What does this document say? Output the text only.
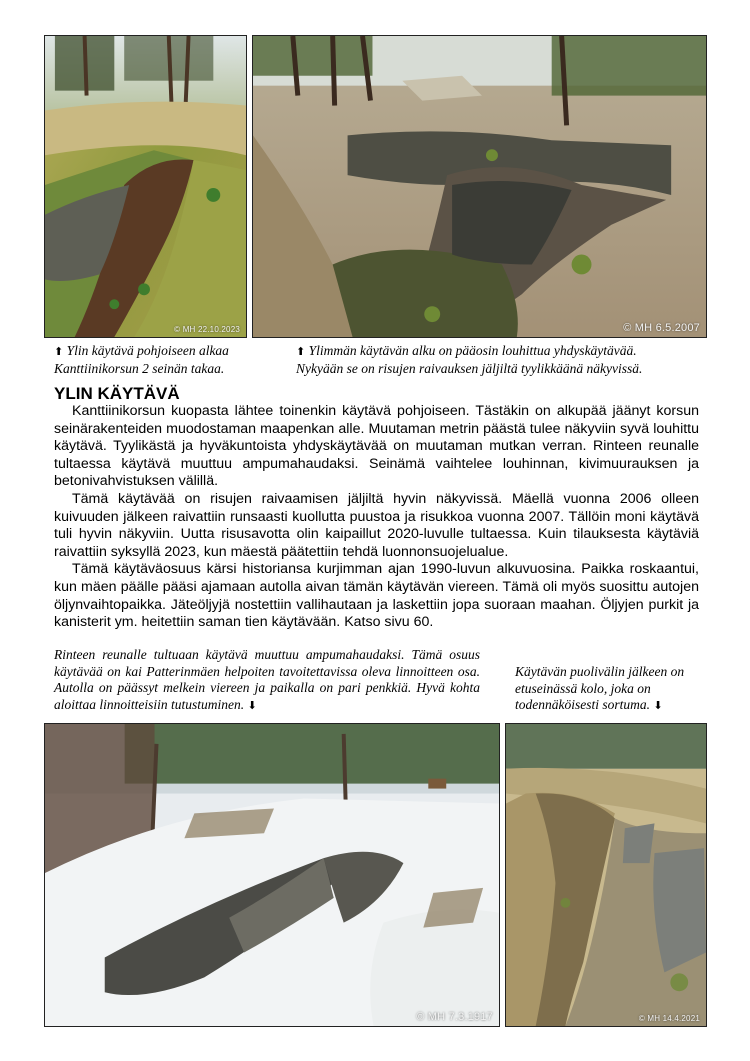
© MH 22.10.2023	© MH 6.5.2007
⬆ Ylin käytävä pohjoiseen alkaa
Kanttiinikorsun 2 seinän takaa.
⬆ Ylimmän käytävän alku on pääosin louhittua yhdyskäytävää.
Nykyään se on risujen raivauksen jäljiltä tyylikkäänä näkyvissä.
YLIN KÄYTÄVÄ

Kanttiinikorsun kuopasta lähtee toinenkin käytävä pohjoiseen. Tästäkin on alkupää jäänyt korsun seinärakenteiden muodostaman maapenkan alle. Muutaman metrin päästä tulee näkyviin syvä louhittu käytävä. Tyylikästä ja hyväkuntoista yhdyskäytävää on muutaman mutkan verran. Rinteen reunalle tultaessa käytävä muuttuu ampumahaudaksi. Seinämä vaihtelee louhinnan, kivimuurauksen ja betonivahvistuksen välillä.

Tämä käytävää on risujen raivaamisen jäljiltä hyvin näkyvissä. Mäellä vuonna 2006 olleen kuivuuden jälkeen raivattiin runsaasti kuollutta puustoa ja risukkoa vuonna 2007. Tällöin moni käytävä tuli hyvin näkyviin. Uutta risusavotta olin kaipaillut 2020-luvulle tultaessa. Kuin tilauksesta käytäviä raivattiin syksyllä 2023, kun mäestä päätettiin tehdä luonnonsuojelualue.

Tämä käytäväosuus kärsi historiansa kurjimman ajan 1990-luvun alkuvuosina. Paikka roskaantui, kun mäen päälle pääsi ajamaan autolla aivan tämän käytävän viereen. Tämä oli myös suosittu autojen öljynvaihtopaikka. Jäteöljyjä nostettiin vallihautaan ja laskettiin jopa suoraan maahan. Öljyjen purkit ja kanisterit ym. heitettiin saman tien käytävään. Katso sivu 60.

Rinteen reunalle tultuaan käytävä muuttuu ampumahaudaksi. Tämä osuus käytävää on kai Patterinmäen helpoiten tavoitettavissa oleva linnoitteen osa. Autolla on päässyt melkein viereen ja paikalla on pari penkkiä. Hyvä kohta aloittaa linnoitteisiin tutustuminen. ⬇
Käytävän puolivälin jälkeen on etuseinässä kolo, joka on todennäköisesti sortuma. ⬇
© MH 7.3.1917	© MH 14.4.2021
